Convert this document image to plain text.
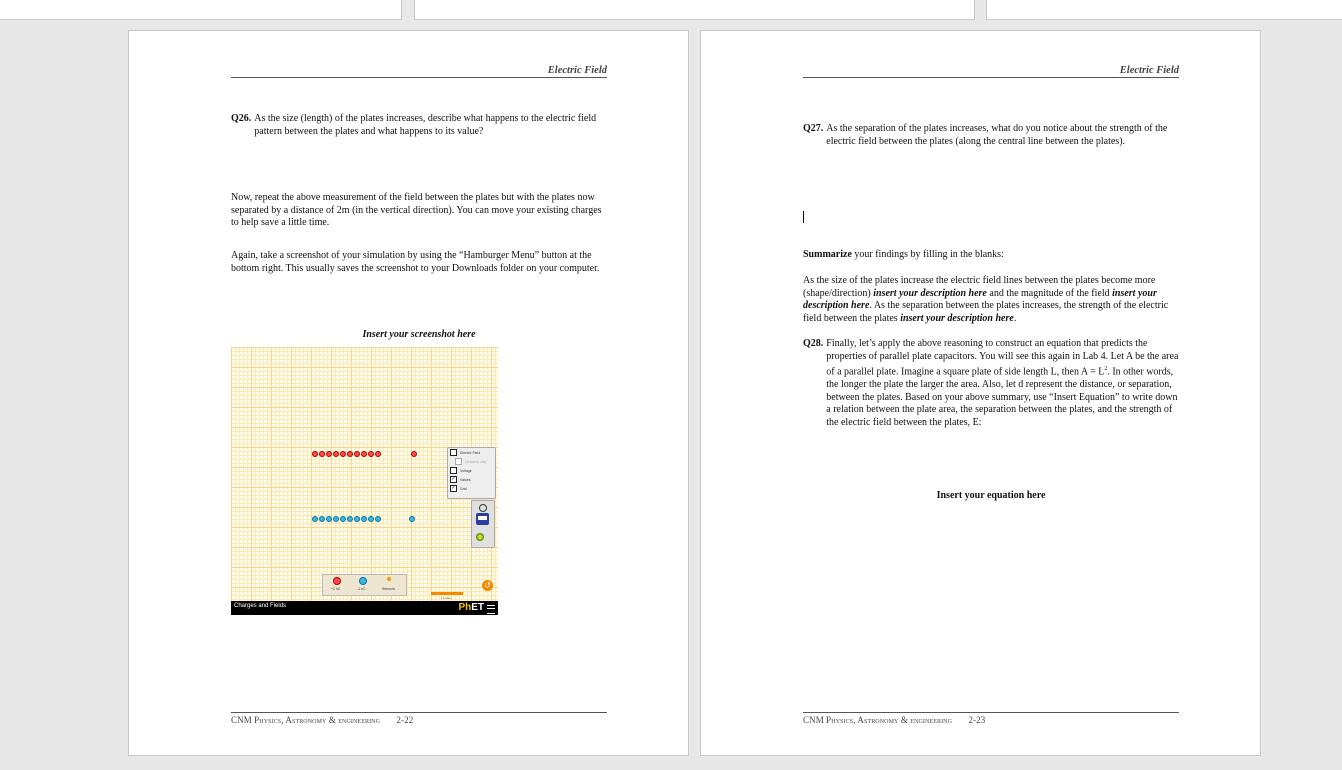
Electric Field
Q26. As the size (length) of the plates increases, describe what happens to the electric field pattern between the plates and what happens to its value?
Now, repeat the above measurement of the field between the plates but with the plates now separated by a distance of 2m (in the vertical direction). You can move your existing charges to help save a little time.
Again, take a screenshot of your simulation by using the “Hamburger Menu” button at the bottom right. This usually saves the screenshot to your Downloads folder on your computer.
Insert your screenshot here
Electric Field
Direction only
Voltage
✓
Values
✓
Grid
+1 nC	-1 nC	Sensors
1 meter
↺
Charges and Fields	PhET
CNM Physics, Astronomy & engineering 2-22
Electric Field
Q27. As the separation of the plates increases, what do you notice about the strength of the electric field between the plates (along the central line between the plates).
Summarize your findings by filling in the blanks:
As the size of the plates increase the electric field lines between the plates become more (shape/direction) insert your description here and the magnitude of the field insert your description here. As the separation between the plates increases, the strength of the electric field between the plates insert your description here.
Q28. Finally, let’s apply the above reasoning to construct an equation that predicts the properties of parallel plate capacitors. You will see this again in Lab 4. Let A be the area of a parallel plate. Imagine a square plate of side length L, then $A = L^2$. In other words, the longer the plate the larger the area. Also, let d represent the distance, or separation, between the plates. Based on your above summary, use “Insert Equation” to write down a relation between the plate area, the separation between the plates, and the strength of the electric field between the plates, E:
Insert your equation here
CNM Physics, Astronomy & engineering 2-23
